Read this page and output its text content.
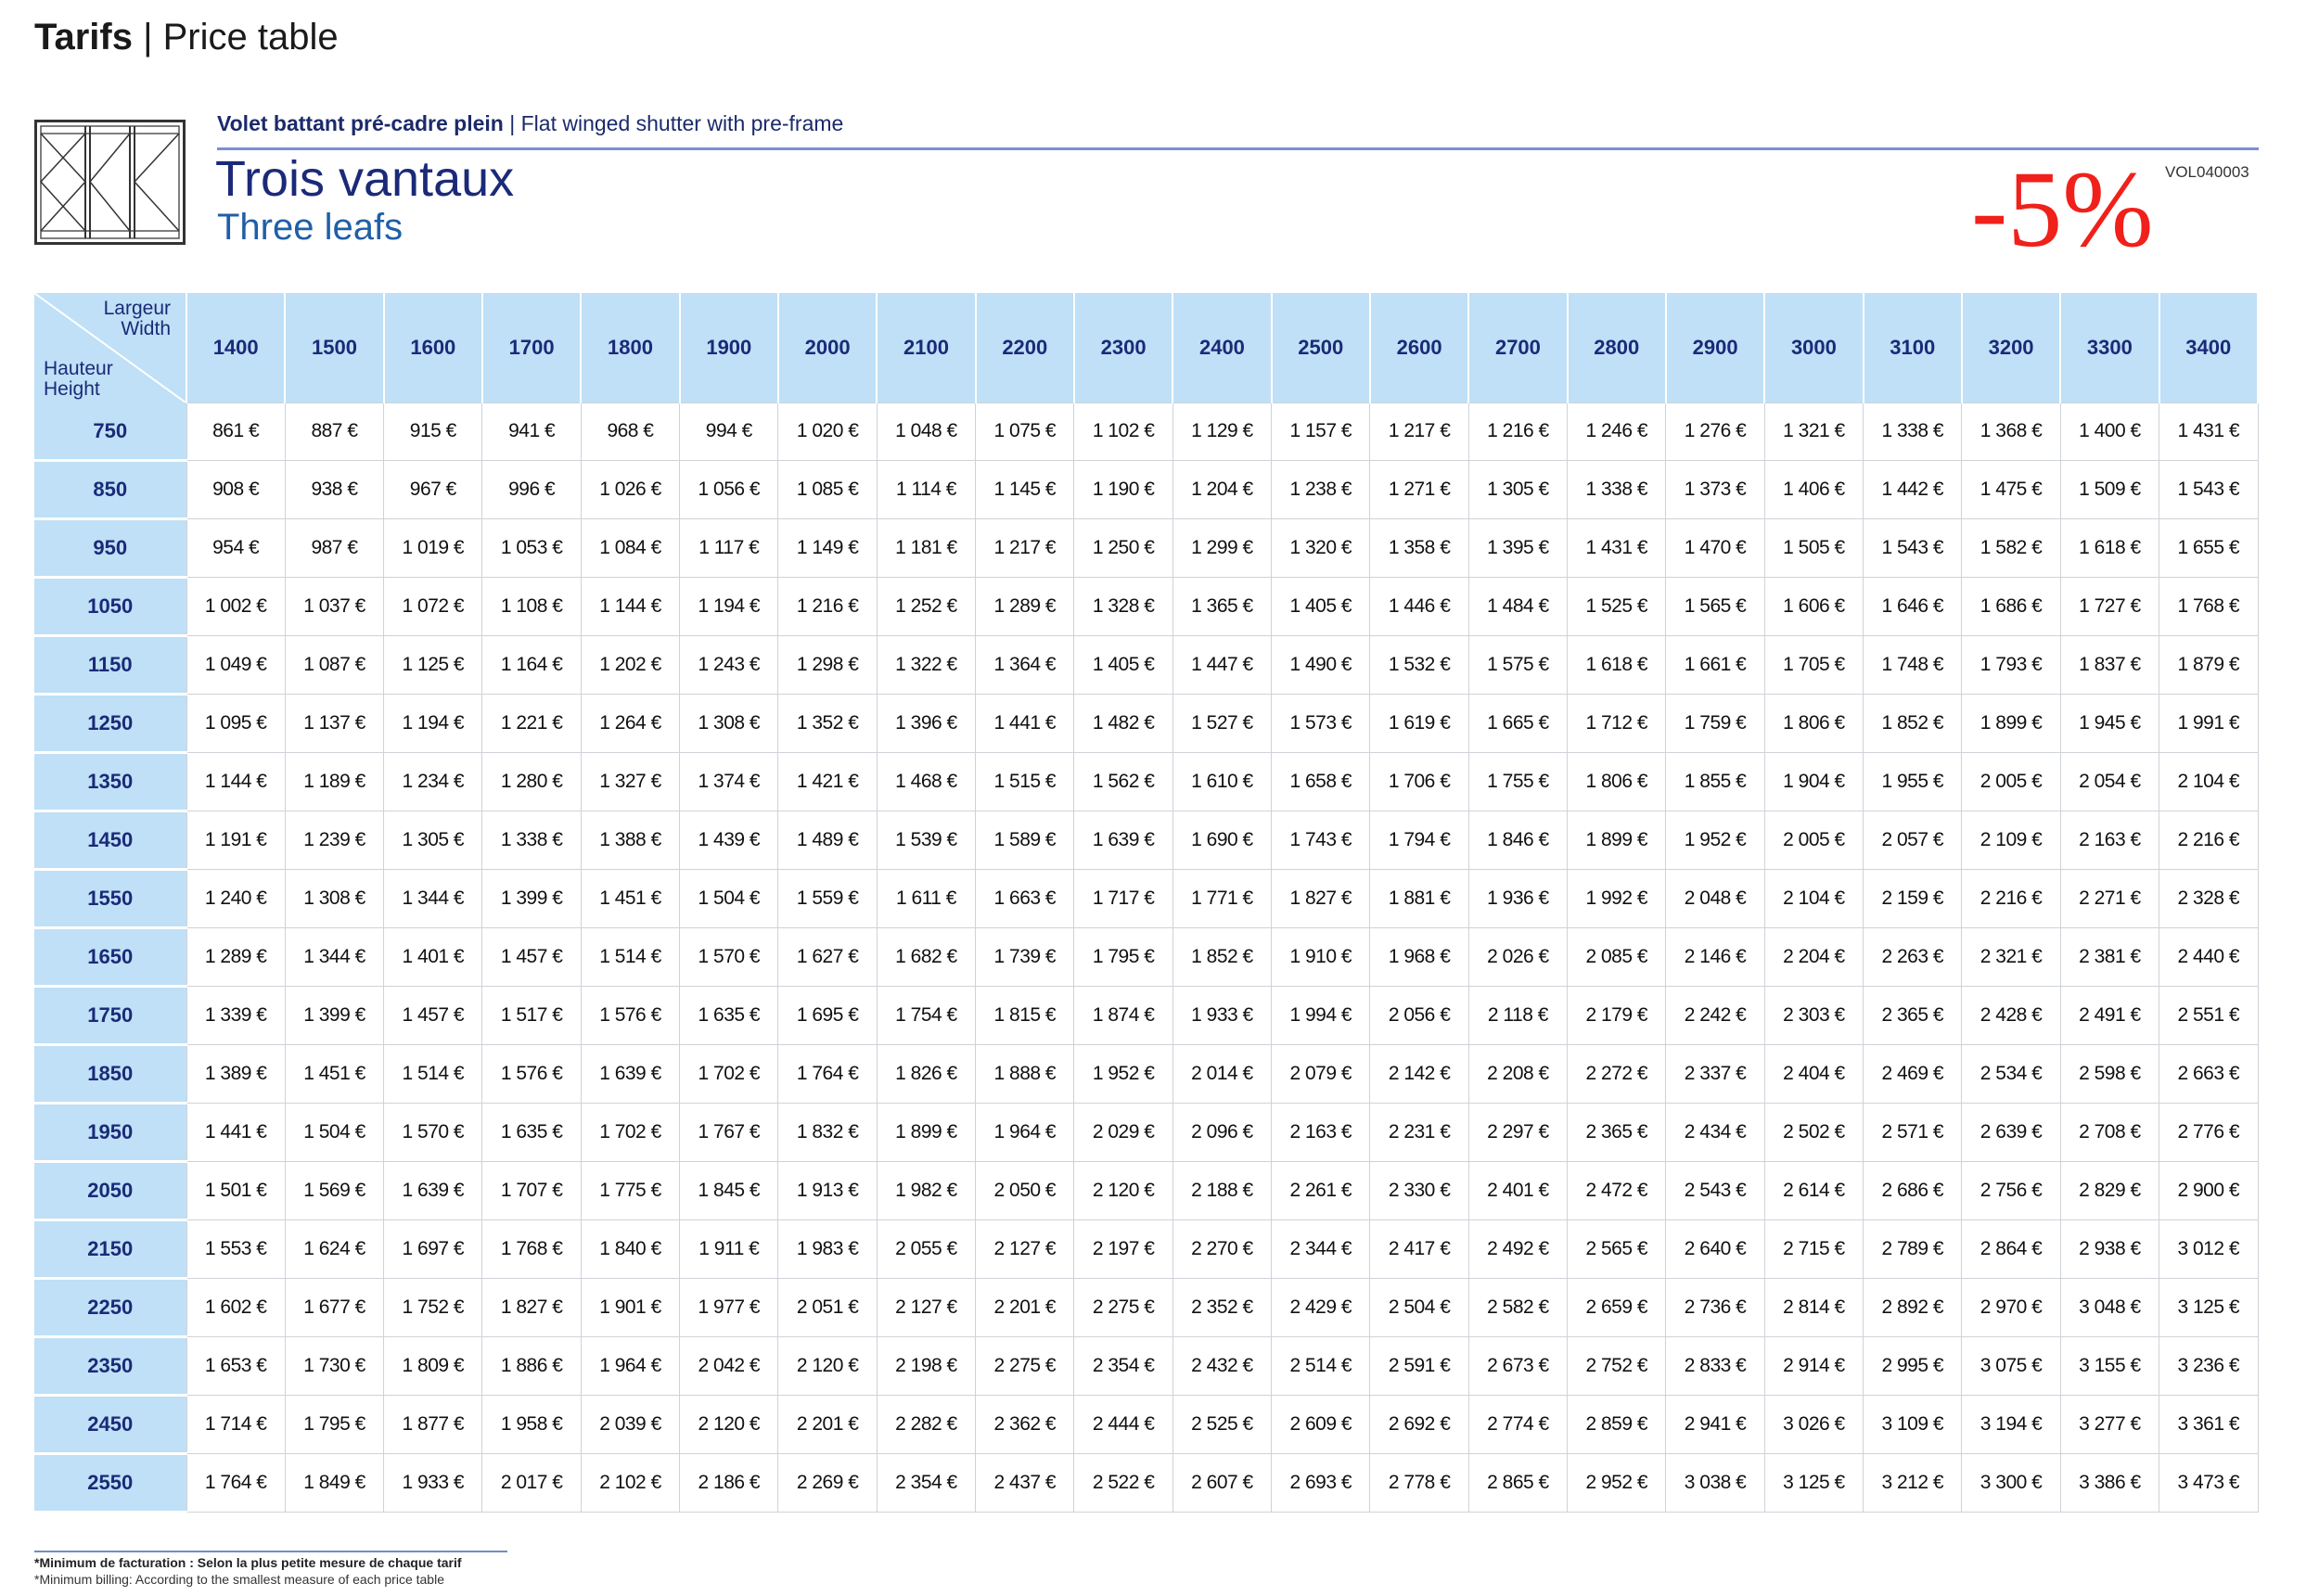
Tarifs | Price table
Volet battant pré-cadre plein | Flat winged shutter with pre-frame
Trois vantaux
Three leafs	-5% VOL040003
Largeur
Width
Hauteur
Height	1400	1500	1600	1700	1800	1900	2000	2100	2200	2300	2400	2500	2600	2700	2800	2900	3000	3100	3200	3300	3400
750	861 €	887 €	915 €	941 €	968 €	994 €	1 020 €	1 048 €	1 075 €	1 102 €	1 129 €	1 157 €	1 217 €	1 216 €	1 246 €	1 276 €	1 321 €	1 338 €	1 368 €	1 400 €	1 431 €
850	908 €	938 €	967 €	996 €	1 026 €	1 056 €	1 085 €	1 114 €	1 145 €	1 190 €	1 204 €	1 238 €	1 271 €	1 305 €	1 338 €	1 373 €	1 406 €	1 442 €	1 475 €	1 509 €	1 543 €
950	954 €	987 €	1 019 €	1 053 €	1 084 €	1 117 €	1 149 €	1 181 €	1 217 €	1 250 €	1 299 €	1 320 €	1 358 €	1 395 €	1 431 €	1 470 €	1 505 €	1 543 €	1 582 €	1 618 €	1 655 €
1050	1 002 €	1 037 €	1 072 €	1 108 €	1 144 €	1 194 €	1 216 €	1 252 €	1 289 €	1 328 €	1 365 €	1 405 €	1 446 €	1 484 €	1 525 €	1 565 €	1 606 €	1 646 €	1 686 €	1 727 €	1 768 €
1150	1 049 €	1 087 €	1 125 €	1 164 €	1 202 €	1 243 €	1 298 €	1 322 €	1 364 €	1 405 €	1 447 €	1 490 €	1 532 €	1 575 €	1 618 €	1 661 €	1 705 €	1 748 €	1 793 €	1 837 €	1 879 €
1250	1 095 €	1 137 €	1 194 €	1 221 €	1 264 €	1 308 €	1 352 €	1 396 €	1 441 €	1 482 €	1 527 €	1 573 €	1 619 €	1 665 €	1 712 €	1 759 €	1 806 €	1 852 €	1 899 €	1 945 €	1 991 €
1350	1 144 €	1 189 €	1 234 €	1 280 €	1 327 €	1 374 €	1 421 €	1 468 €	1 515 €	1 562 €	1 610 €	1 658 €	1 706 €	1 755 €	1 806 €	1 855 €	1 904 €	1 955 €	2 005 €	2 054 €	2 104 €
1450	1 191 €	1 239 €	1 305 €	1 338 €	1 388 €	1 439 €	1 489 €	1 539 €	1 589 €	1 639 €	1 690 €	1 743 €	1 794 €	1 846 €	1 899 €	1 952 €	2 005 €	2 057 €	2 109 €	2 163 €	2 216 €
1550	1 240 €	1 308 €	1 344 €	1 399 €	1 451 €	1 504 €	1 559 €	1 611 €	1 663 €	1 717 €	1 771 €	1 827 €	1 881 €	1 936 €	1 992 €	2 048 €	2 104 €	2 159 €	2 216 €	2 271 €	2 328 €
1650	1 289 €	1 344 €	1 401 €	1 457 €	1 514 €	1 570 €	1 627 €	1 682 €	1 739 €	1 795 €	1 852 €	1 910 €	1 968 €	2 026 €	2 085 €	2 146 €	2 204 €	2 263 €	2 321 €	2 381 €	2 440 €
1750	1 339 €	1 399 €	1 457 €	1 517 €	1 576 €	1 635 €	1 695 €	1 754 €	1 815 €	1 874 €	1 933 €	1 994 €	2 056 €	2 118 €	2 179 €	2 242 €	2 303 €	2 365 €	2 428 €	2 491 €	2 551 €
1850	1 389 €	1 451 €	1 514 €	1 576 €	1 639 €	1 702 €	1 764 €	1 826 €	1 888 €	1 952 €	2 014 €	2 079 €	2 142 €	2 208 €	2 272 €	2 337 €	2 404 €	2 469 €	2 534 €	2 598 €	2 663 €
1950	1 441 €	1 504 €	1 570 €	1 635 €	1 702 €	1 767 €	1 832 €	1 899 €	1 964 €	2 029 €	2 096 €	2 163 €	2 231 €	2 297 €	2 365 €	2 434 €	2 502 €	2 571 €	2 639 €	2 708 €	2 776 €
2050	1 501 €	1 569 €	1 639 €	1 707 €	1 775 €	1 845 €	1 913 €	1 982 €	2 050 €	2 120 €	2 188 €	2 261 €	2 330 €	2 401 €	2 472 €	2 543 €	2 614 €	2 686 €	2 756 €	2 829 €	2 900 €
2150	1 553 €	1 624 €	1 697 €	1 768 €	1 840 €	1 911 €	1 983 €	2 055 €	2 127 €	2 197 €	2 270 €	2 344 €	2 417 €	2 492 €	2 565 €	2 640 €	2 715 €	2 789 €	2 864 €	2 938 €	3 012 €
2250	1 602 €	1 677 €	1 752 €	1 827 €	1 901 €	1 977 €	2 051 €	2 127 €	2 201 €	2 275 €	2 352 €	2 429 €	2 504 €	2 582 €	2 659 €	2 736 €	2 814 €	2 892 €	2 970 €	3 048 €	3 125 €
2350	1 653 €	1 730 €	1 809 €	1 886 €	1 964 €	2 042 €	2 120 €	2 198 €	2 275 €	2 354 €	2 432 €	2 514 €	2 591 €	2 673 €	2 752 €	2 833 €	2 914 €	2 995 €	3 075 €	3 155 €	3 236 €
2450	1 714 €	1 795 €	1 877 €	1 958 €	2 039 €	2 120 €	2 201 €	2 282 €	2 362 €	2 444 €	2 525 €	2 609 €	2 692 €	2 774 €	2 859 €	2 941 €	3 026 €	3 109 €	3 194 €	3 277 €	3 361 €
2550	1 764 €	1 849 €	1 933 €	2 017 €	2 102 €	2 186 €	2 269 €	2 354 €	2 437 €	2 522 €	2 607 €	2 693 €	2 778 €	2 865 €	2 952 €	3 038 €	3 125 €	3 212 €	3 300 €	3 386 €	3 473 €
*Minimum de facturation : Selon la plus petite mesure de chaque tarif
*Minimum billing: According to the smallest measure of each price table
